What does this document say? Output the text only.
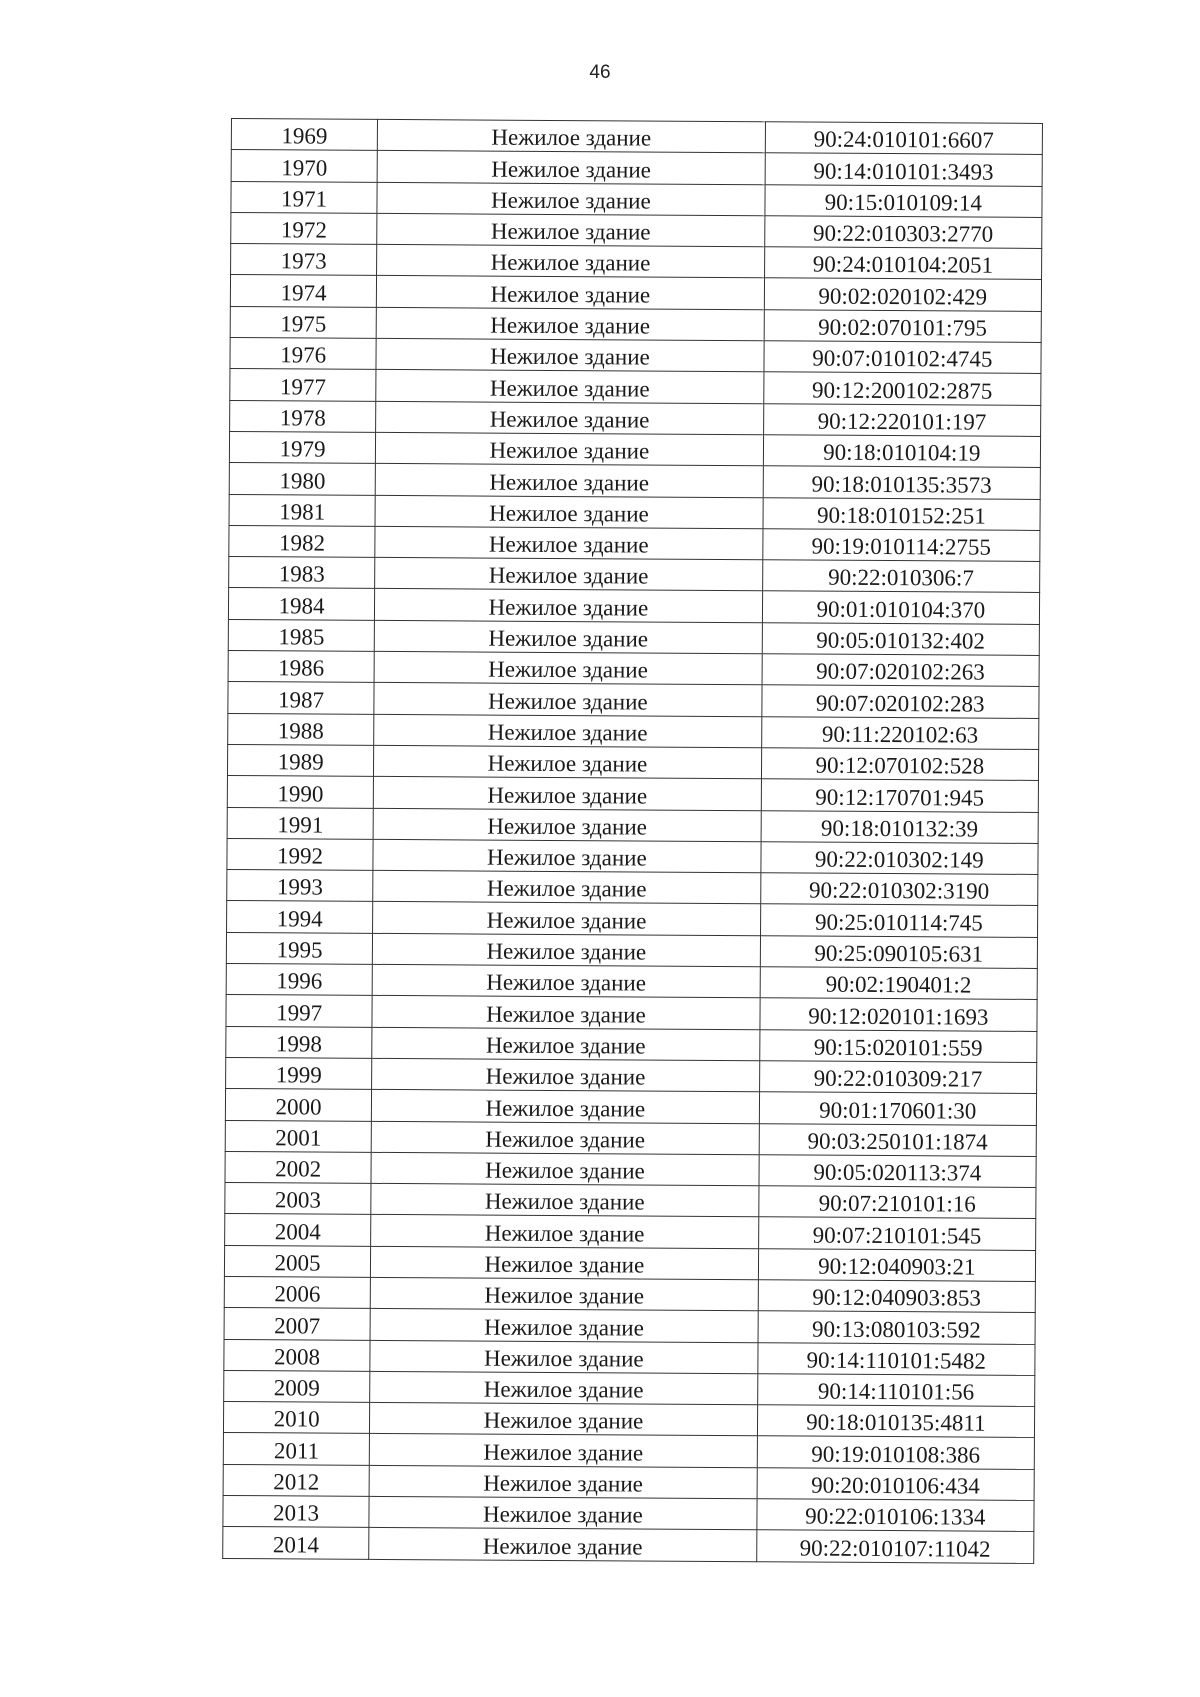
46
1969	Нежилое здание	90:24:010101:6607
1970	Нежилое здание	90:14:010101:3493
1971	Нежилое здание	90:15:010109:14
1972	Нежилое здание	90:22:010303:2770
1973	Нежилое здание	90:24:010104:2051
1974	Нежилое здание	90:02:020102:429
1975	Нежилое здание	90:02:070101:795
1976	Нежилое здание	90:07:010102:4745
1977	Нежилое здание	90:12:200102:2875
1978	Нежилое здание	90:12:220101:197
1979	Нежилое здание	90:18:010104:19
1980	Нежилое здание	90:18:010135:3573
1981	Нежилое здание	90:18:010152:251
1982	Нежилое здание	90:19:010114:2755
1983	Нежилое здание	90:22:010306:7
1984	Нежилое здание	90:01:010104:370
1985	Нежилое здание	90:05:010132:402
1986	Нежилое здание	90:07:020102:263
1987	Нежилое здание	90:07:020102:283
1988	Нежилое здание	90:11:220102:63
1989	Нежилое здание	90:12:070102:528
1990	Нежилое здание	90:12:170701:945
1991	Нежилое здание	90:18:010132:39
1992	Нежилое здание	90:22:010302:149
1993	Нежилое здание	90:22:010302:3190
1994	Нежилое здание	90:25:010114:745
1995	Нежилое здание	90:25:090105:631
1996	Нежилое здание	90:02:190401:2
1997	Нежилое здание	90:12:020101:1693
1998	Нежилое здание	90:15:020101:559
1999	Нежилое здание	90:22:010309:217
2000	Нежилое здание	90:01:170601:30
2001	Нежилое здание	90:03:250101:1874
2002	Нежилое здание	90:05:020113:374
2003	Нежилое здание	90:07:210101:16
2004	Нежилое здание	90:07:210101:545
2005	Нежилое здание	90:12:040903:21
2006	Нежилое здание	90:12:040903:853
2007	Нежилое здание	90:13:080103:592
2008	Нежилое здание	90:14:110101:5482
2009	Нежилое здание	90:14:110101:56
2010	Нежилое здание	90:18:010135:4811
2011	Нежилое здание	90:19:010108:386
2012	Нежилое здание	90:20:010106:434
2013	Нежилое здание	90:22:010106:1334
2014	Нежилое здание	90:22:010107:11042
